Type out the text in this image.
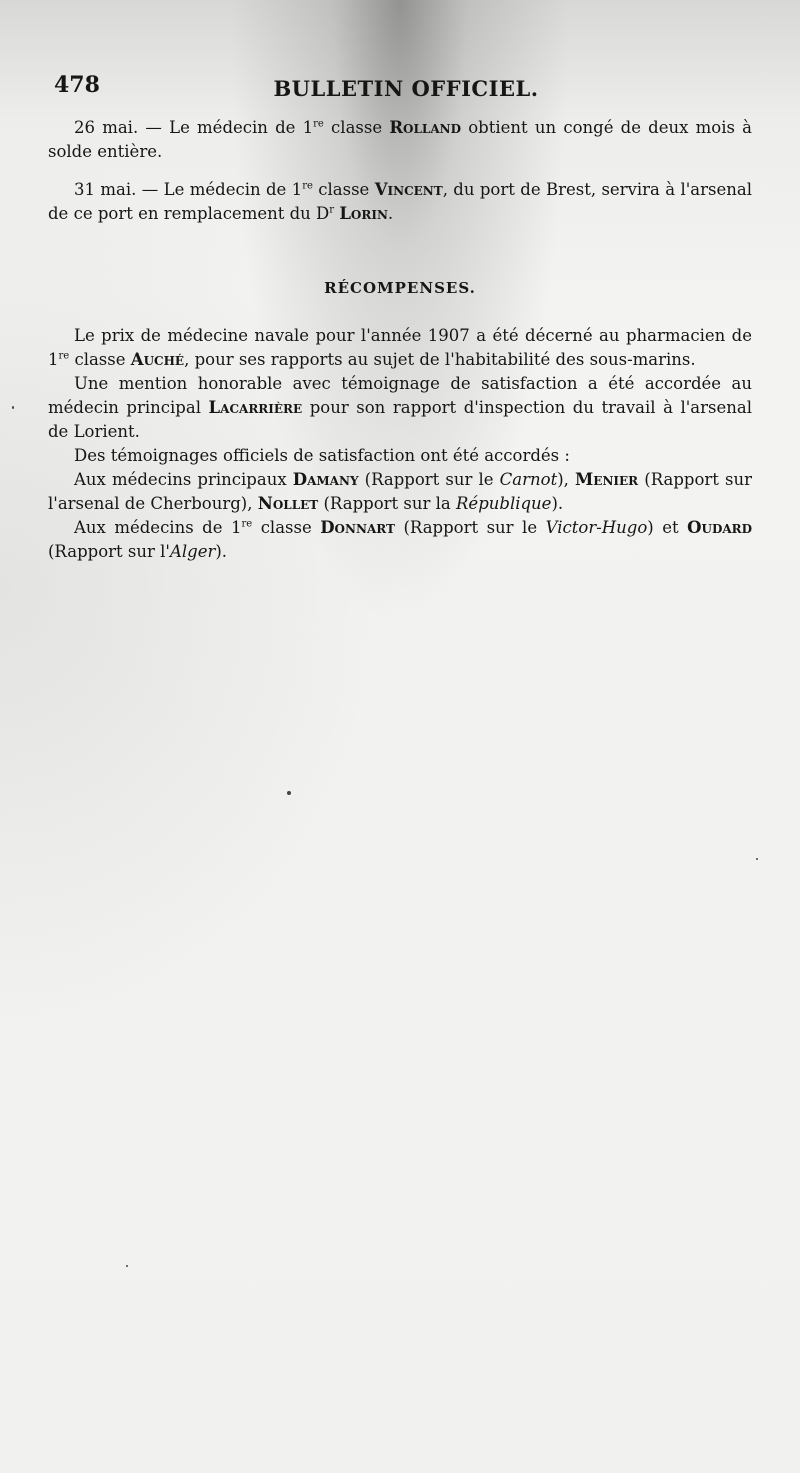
478	BULLETIN OFFICIEL.

26 mai. — Le médecin de 1re classe Rolland obtient un congé de deux mois à solde entière.

31 mai. — Le médecin de 1re classe Vincent, du port de Brest, servira à l'arsenal de ce port en remplacement du $D^r$ Lorin.

RÉCOMPENSES.

Le prix de médecine navale pour l'année 1907 a été décerné au pharmacien de 1re classe Auché, pour ses rapports au sujet de l'habitabilité des sous-marins.

Une mention honorable avec témoignage de satisfaction a été accordée au médecin principal Lacarrière pour son rapport d'inspection du travail à l'arsenal de Lorient.

Des témoignages officiels de satisfaction ont été accordés :

Aux médecins principaux Damany (Rapport sur le Carnot), Menier (Rapport sur l'arsenal de Cherbourg), Nollet (Rapport sur la République).

Aux médecins de 1re classe Donnart (Rapport sur le Victor-Hugo) et Oudard (Rapport sur l'Alger).
